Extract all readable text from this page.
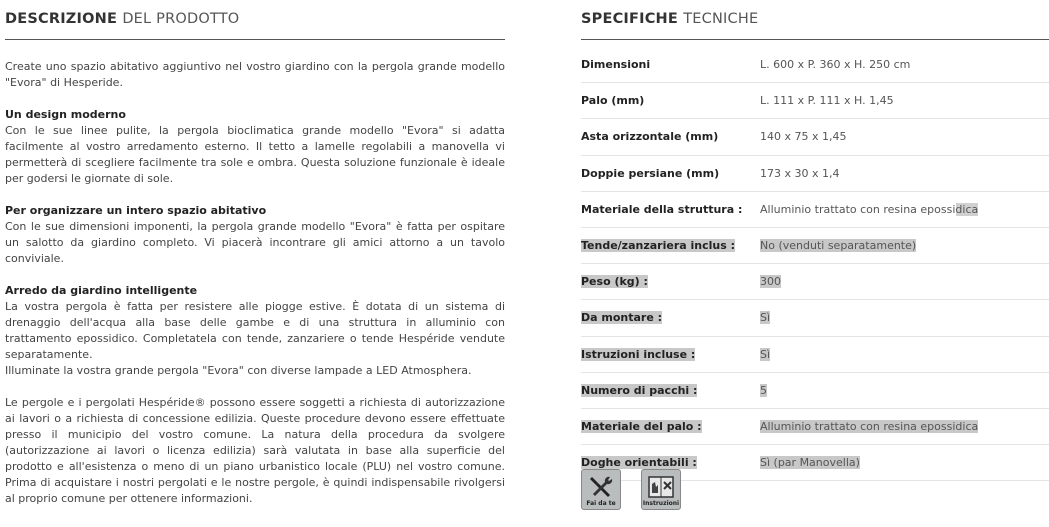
DESCRIZIONE DEL PRODOTTO

Create uno spazio abitativo aggiuntivo nel vostro giardino con la pergola grande modello "Evora" di Hesperide.

Un design moderno
Con le sue linee pulite, la pergola bioclimatica grande modello "Evora" si adatta facilmente al vostro arredamento esterno. Il tetto a lamelle regolabili a manovella vi permetterà di scegliere facilmente tra sole e ombra. Questa soluzione funzionale è ideale per godersi le giornate di sole.
Per organizzare un intero spazio abitativo
Con le sue dimensioni imponenti, la pergola grande modello "Evora" è fatta per ospitare un salotto da giardino completo. Vi piacerà incontrare gli amici attorno a un tavolo conviviale.
Arredo da giardino intelligente
La vostra pergola è fatta per resistere alle piogge estive. È dotata di un sistema di drenaggio dell'acqua alla base delle gambe e di una struttura in alluminio con trattamento epossidico. Completatela con tende, zanzariere o tende Hespéride vendute separatamente.
Illuminate la vostra grande pergola "Evora" con diverse lampade a LED Atmosphera.

Le pergole e i pergolati Hespéride® possono essere soggetti a richiesta di autorizzazione ai lavori o a richiesta di concessione edilizia. Queste procedure devono essere effettuate presso il municipio del vostro comune. La natura della procedura da svolgere (autorizzazione ai lavori o licenza edilizia) sarà valutata in base alla superficie del prodotto e all'esistenza o meno di un piano urbanistico locale (PLU) nel vostro comune. Prima di acquistare i nostri pergolati e le nostre pergole, è quindi indispensabile rivolgersi al proprio comune per ottenere informazioni.

SPECIFICHE TECNICHE
Dimensioni	L. 600 x P. 360 x H. 250 cm
Palo (mm)	L. 111 x P. 111 x H. 1,45
Asta orizzontale (mm)	140 x 75 x 1,45
Doppie persiane (mm)	173 x 30 x 1,4
Materiale della struttura :	Alluminio trattato con resina epossidica
Tende/zanzariera inclus :	No (venduti separatamente)
Peso (kg) :	300
Da montare :	Sì
Istruzioni incluse :	Sì
Numero di pacchi :	5
Materiale del palo :	Alluminio trattato con resina epossidica
Doghe orientabili :	Sì (par Manovella)
Fai da te	Instruzioni
